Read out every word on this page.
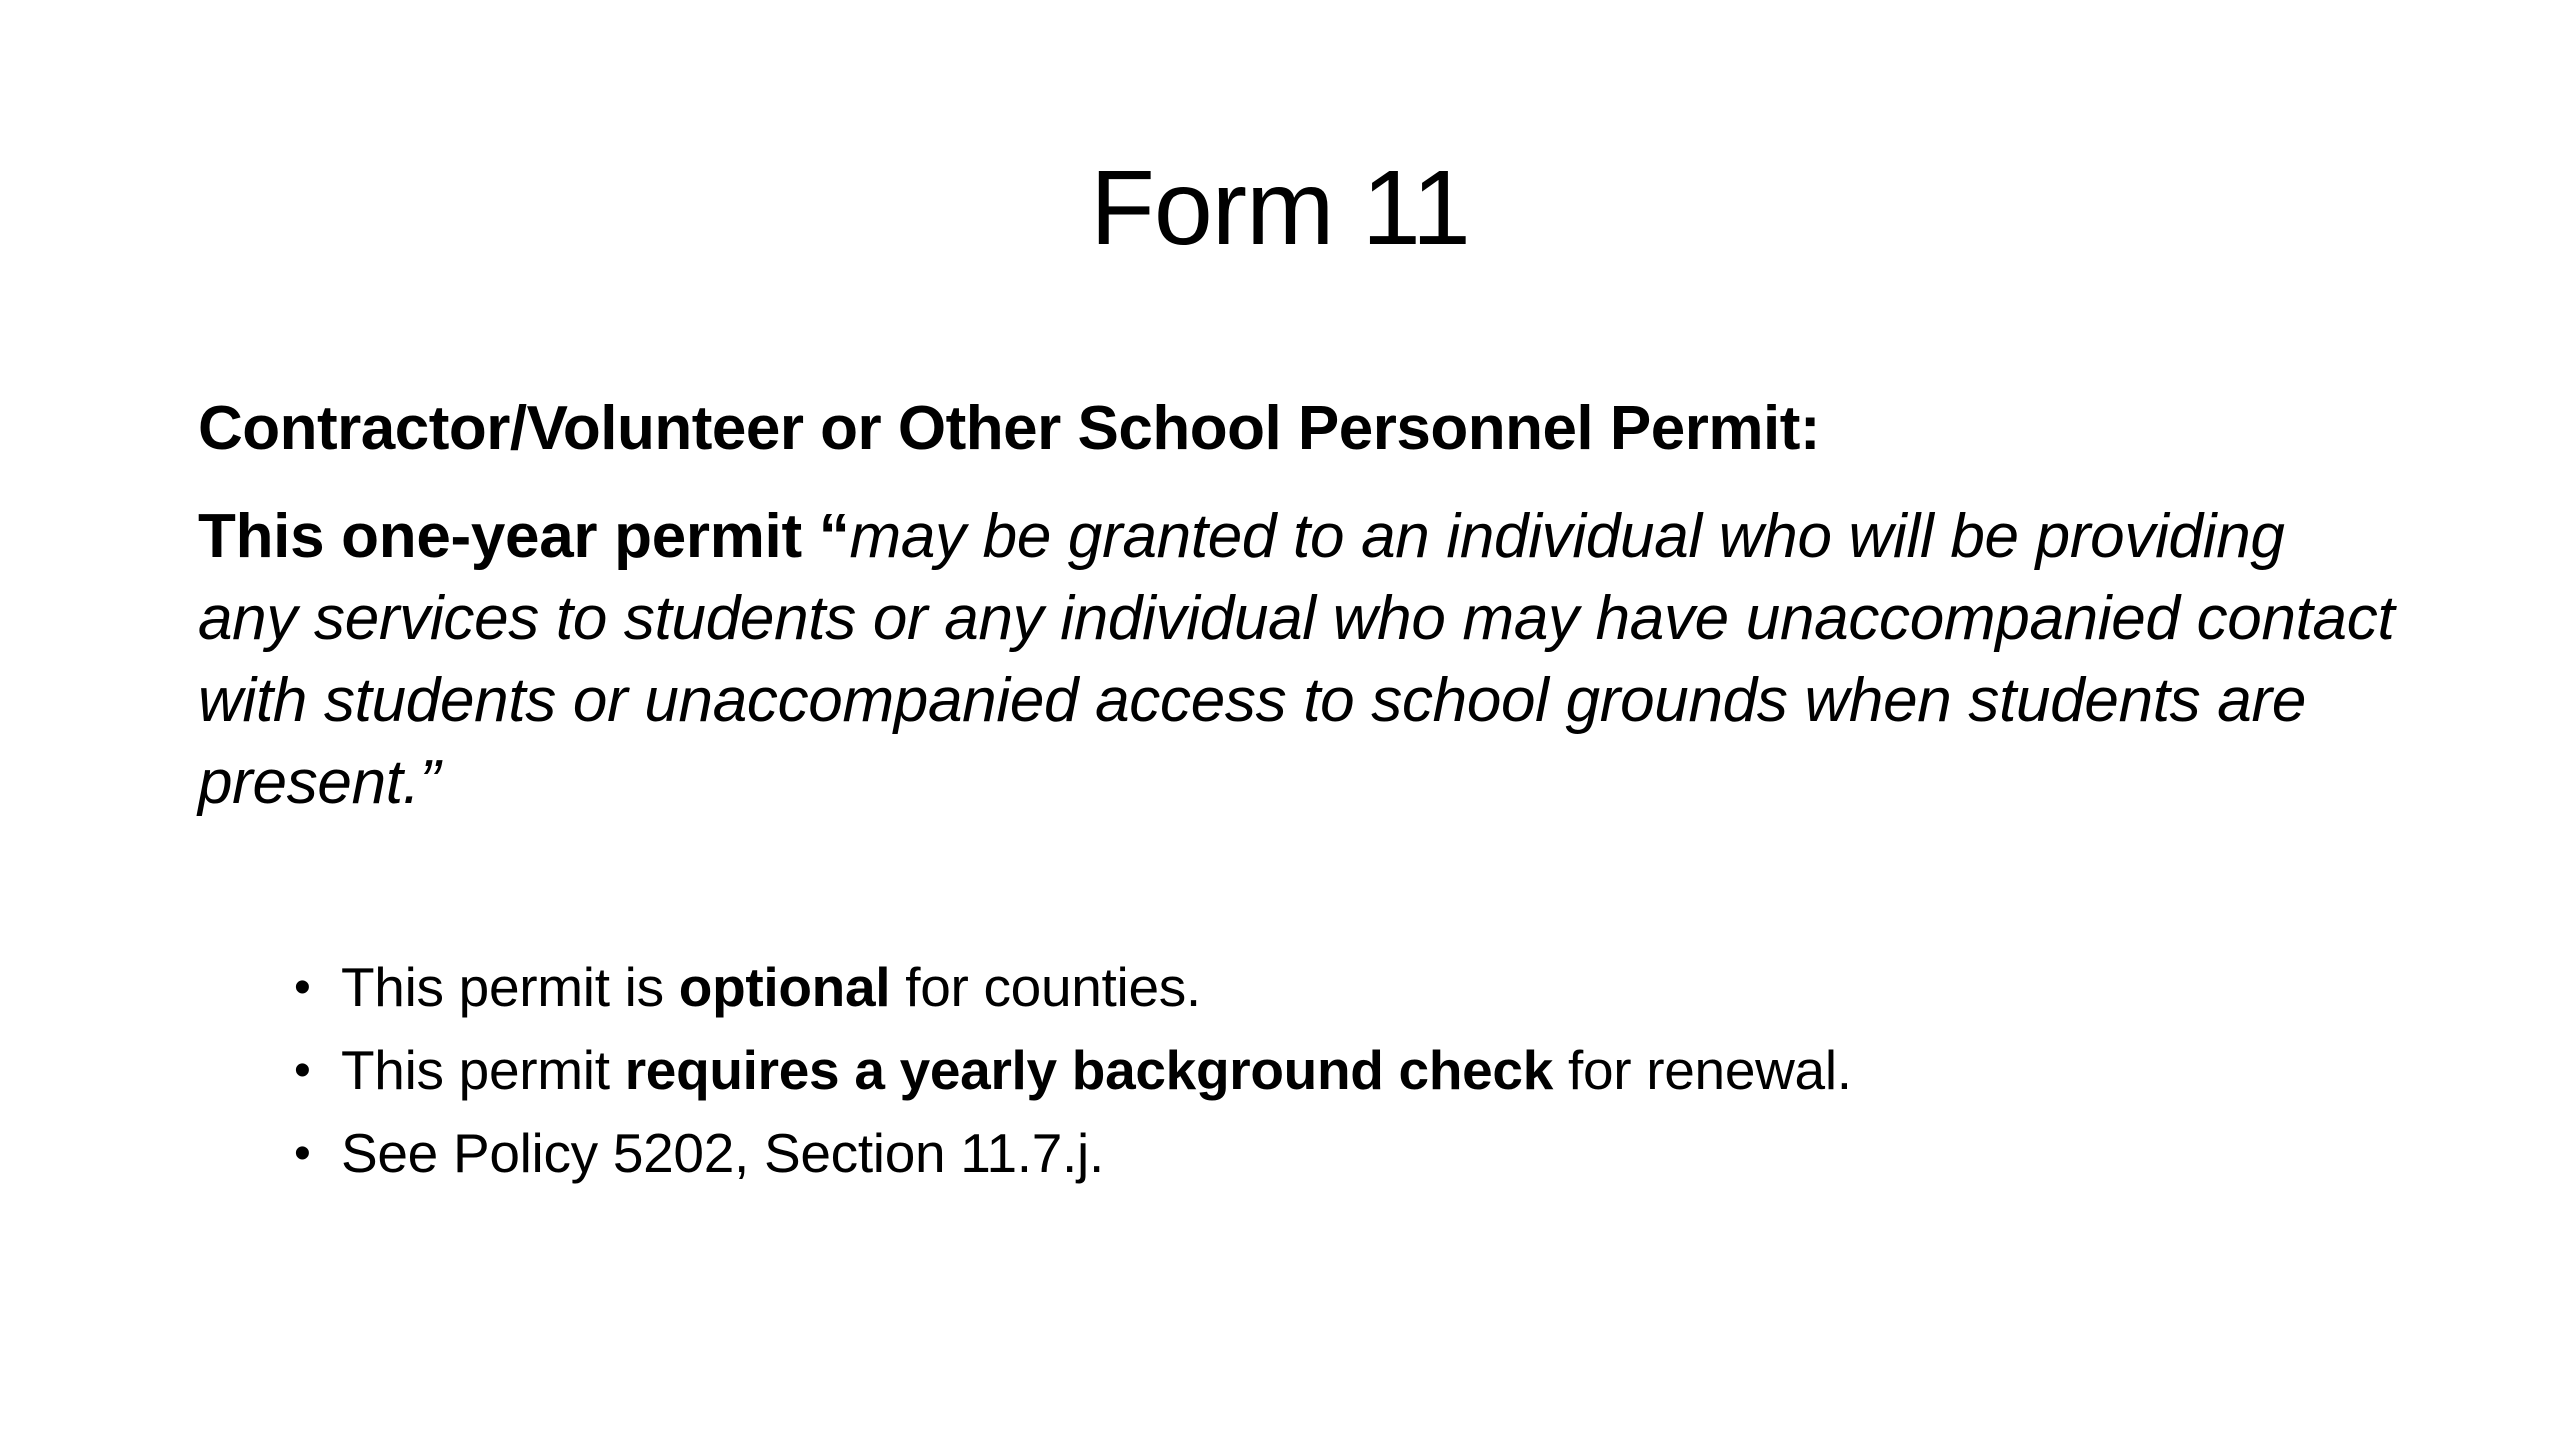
Form 11
Contractor/Volunteer or Other School Personnel Permit:

This one-year permit “may be granted to an individual who will be providing any services to students or any individual who may have unaccompanied contact with students or unaccompanied access to school grounds when students are present.”

• This permit is optional for counties.
• This permit requires a yearly background check for renewal.
• See Policy 5202, Section 11.7.j.
